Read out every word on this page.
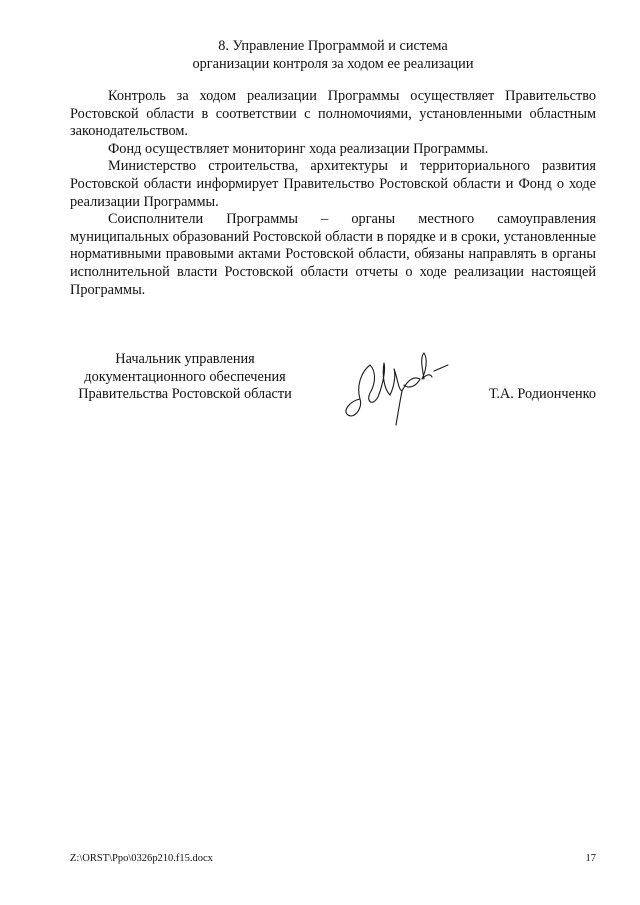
8. Управление Программой и система
организации контроля за ходом ее реализации

Контроль за ходом реализации Программы осуществляет Правительство Ростовской области в соответствии с полномочиями, установленными областным законодательством.

Фонд осуществляет мониторинг хода реализации Программы.

Министерство строительства, архитектуры и территориального развития Ростовской области информирует Правительство Ростовской области и Фонд о ходе реализации Программы.

Соисполнители Программы – органы местного самоуправления муниципальных образований Ростовской области в порядке и в сроки, установленные нормативными правовыми актами Ростовской области, обязаны направлять в органы исполнительной власти Ростовской области отчеты о ходе реализации настоящей Программы.

Начальник управления
документационного обеспечения
Правительства Ростовской области	Т.А. Родионченко
Z:\ORST\Ppo\0326p210.f15.docx	17
